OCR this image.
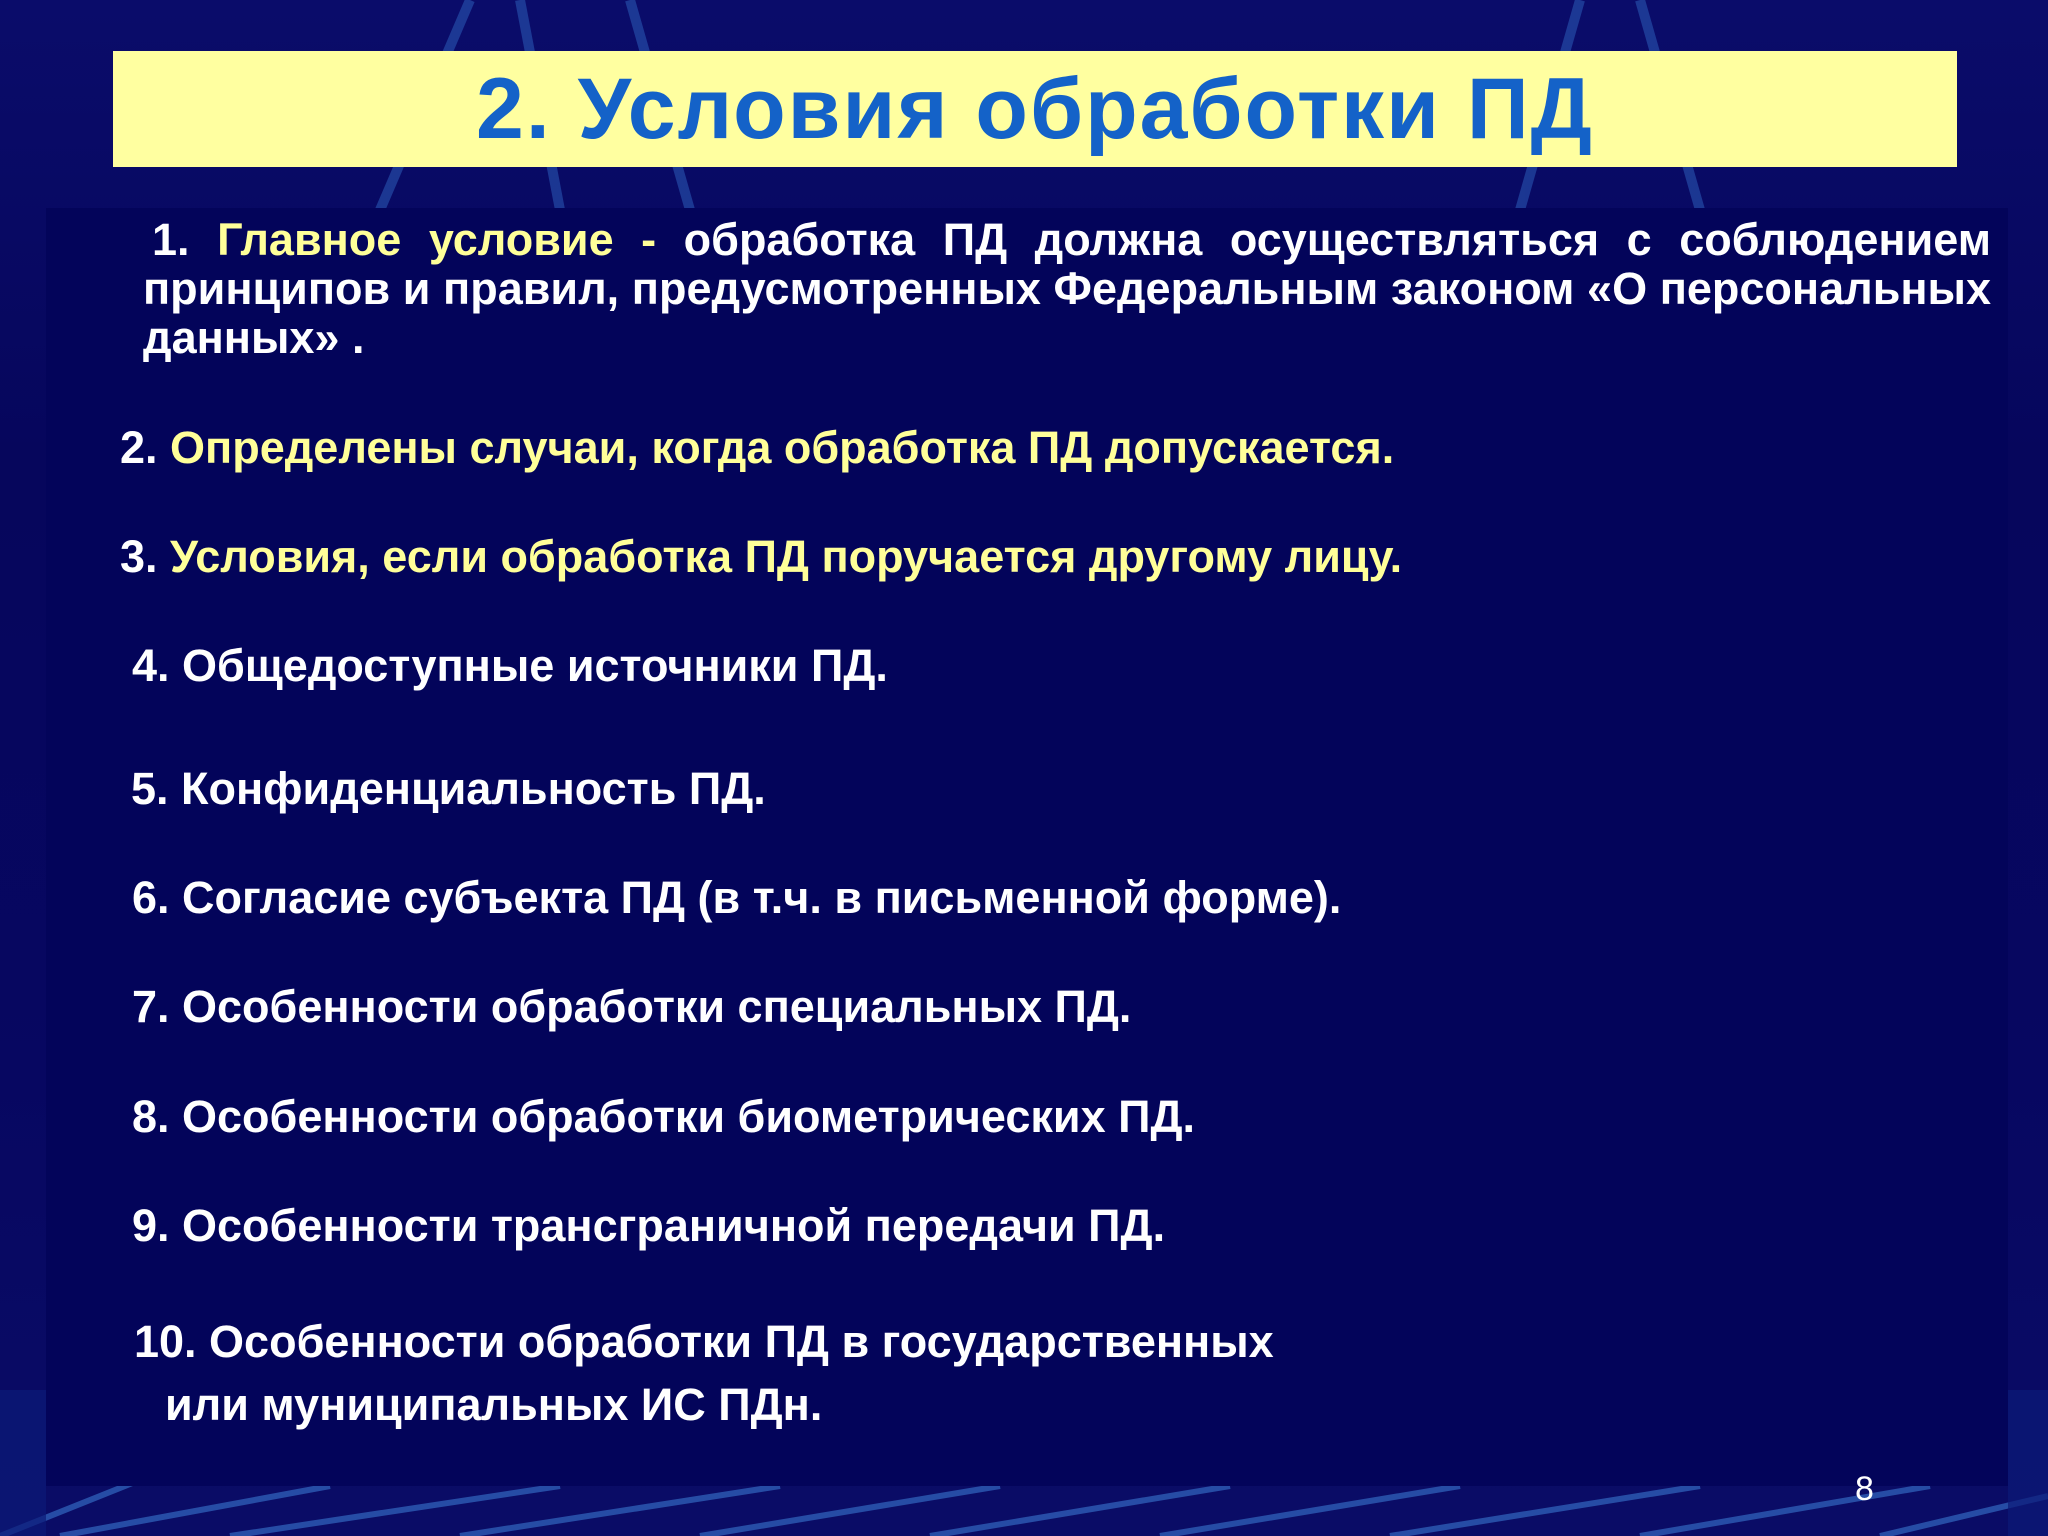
2. Условия обработки ПД
1. Главное условие - обработка ПД должна осуществляться с соблюдением принципов и правил, предусмотренных Федеральным законом «О персональных данных» .
2. Определены случаи, когда обработка ПД допускается.
3. Условия, если обработка ПД поручается другому лицу.
4. Общедоступные источники ПД.
5. Конфиденциальность ПД.
6. Согласие субъекта ПД (в т.ч. в письменной форме).
7. Особенности обработки специальных ПД.
8. Особенности обработки биометрических ПД.
9. Особенности трансграничной передачи ПД.
10. Особенности обработки ПД в государственных
или муниципальных ИС ПДн.
8
